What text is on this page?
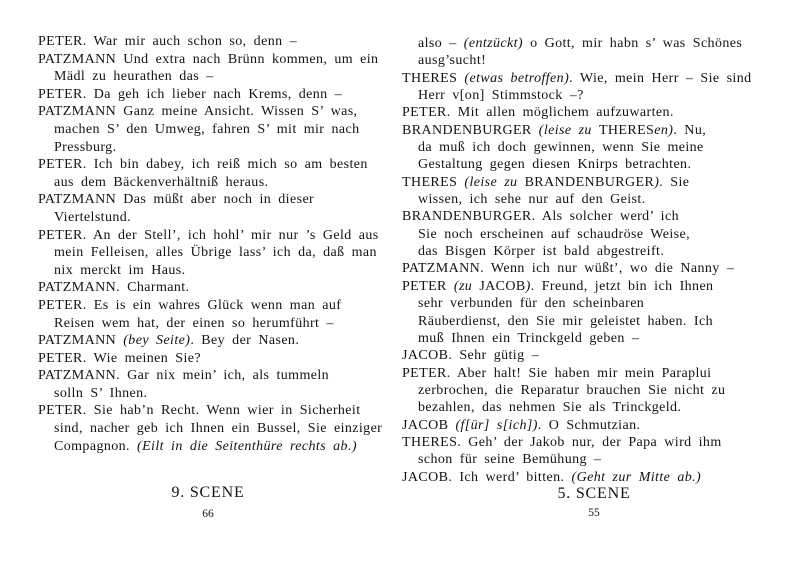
PETER. War mir auch schon so, denn –
PATZMANN Und extra nach Brünn kommen, um ein
Mädl zu heurathen das –
PETER. Da geh ich lieber nach Krems, denn –
PATZMANN Ganz meine Ansicht. Wissen S’ was,
machen S’ den Umweg, fahren S’ mit mir nach
Pressburg.
PETER. Ich bin dabey, ich reiß mich so am besten
aus dem Bäckenverhältniß heraus.
PATZMANN Das müßt aber noch in dieser
Viertelstund.
PETER. An der Stell’, ich hohl’ mir nur ’s Geld aus
mein Felleisen, alles Übrige lass’ ich da, daß man
nix merckt im Haus.
PATZMANN. Charmant.
PETER. Es is ein wahres Glück wenn man auf
Reisen wem hat, der einen so herumführt –
PATZMANN (bey Seite). Bey der Nasen.
PETER. Wie meinen Sie?
PATZMANN. Gar nix mein’ ich, als tummeln
solln S’ Ihnen.
PETER. Sie hab’n Recht. Wenn wier in Sicherheit
sind, nacher geb ich Ihnen ein Bussel, Sie einziger
Compagnon. (Eilt in die Seitenthüre rechts ab.)
9. SCENE
66
also – (entzückt) o Gott, mir habn s’ was Schönes
ausg’sucht!
THERES (etwas betroffen). Wie, mein Herr – Sie sind
Herr v[on] Stimmstock –?
PETER. Mit allen möglichem aufzuwarten.
BRANDENBURGER (leise zu THERESen). Nu,
da muß ich doch gewinnen, wenn Sie meine
Gestaltung gegen diesen Knirps betrachten.
THERES (leise zu BRANDENBURGER). Sie
wissen, ich sehe nur auf den Geist.
BRANDENBURGER. Als solcher werd’ ich
Sie noch erscheinen auf schaudröse Weise,
das Bisgen Körper ist bald abgestreift.
PATZMANN. Wenn ich nur wüßt’, wo die Nanny –
PETER (zu JACOB). Freund, jetzt bin ich Ihnen
sehr verbunden für den scheinbaren
Räuberdienst, den Sie mir geleistet haben. Ich
muß Ihnen ein Trinckgeld geben –
JACOB. Sehr gütig –
PETER. Aber halt! Sie haben mir mein Paraplui
zerbrochen, die Reparatur brauchen Sie nicht zu
bezahlen, das nehmen Sie als Trinckgeld.
JACOB (f[ür] s[ich]). O Schmutzian.
THERES. Geh’ der Jakob nur, der Papa wird ihm
schon für seine Bemühung –
JACOB. Ich werd’ bitten. (Geht zur Mitte ab.)
5. SCENE
55
